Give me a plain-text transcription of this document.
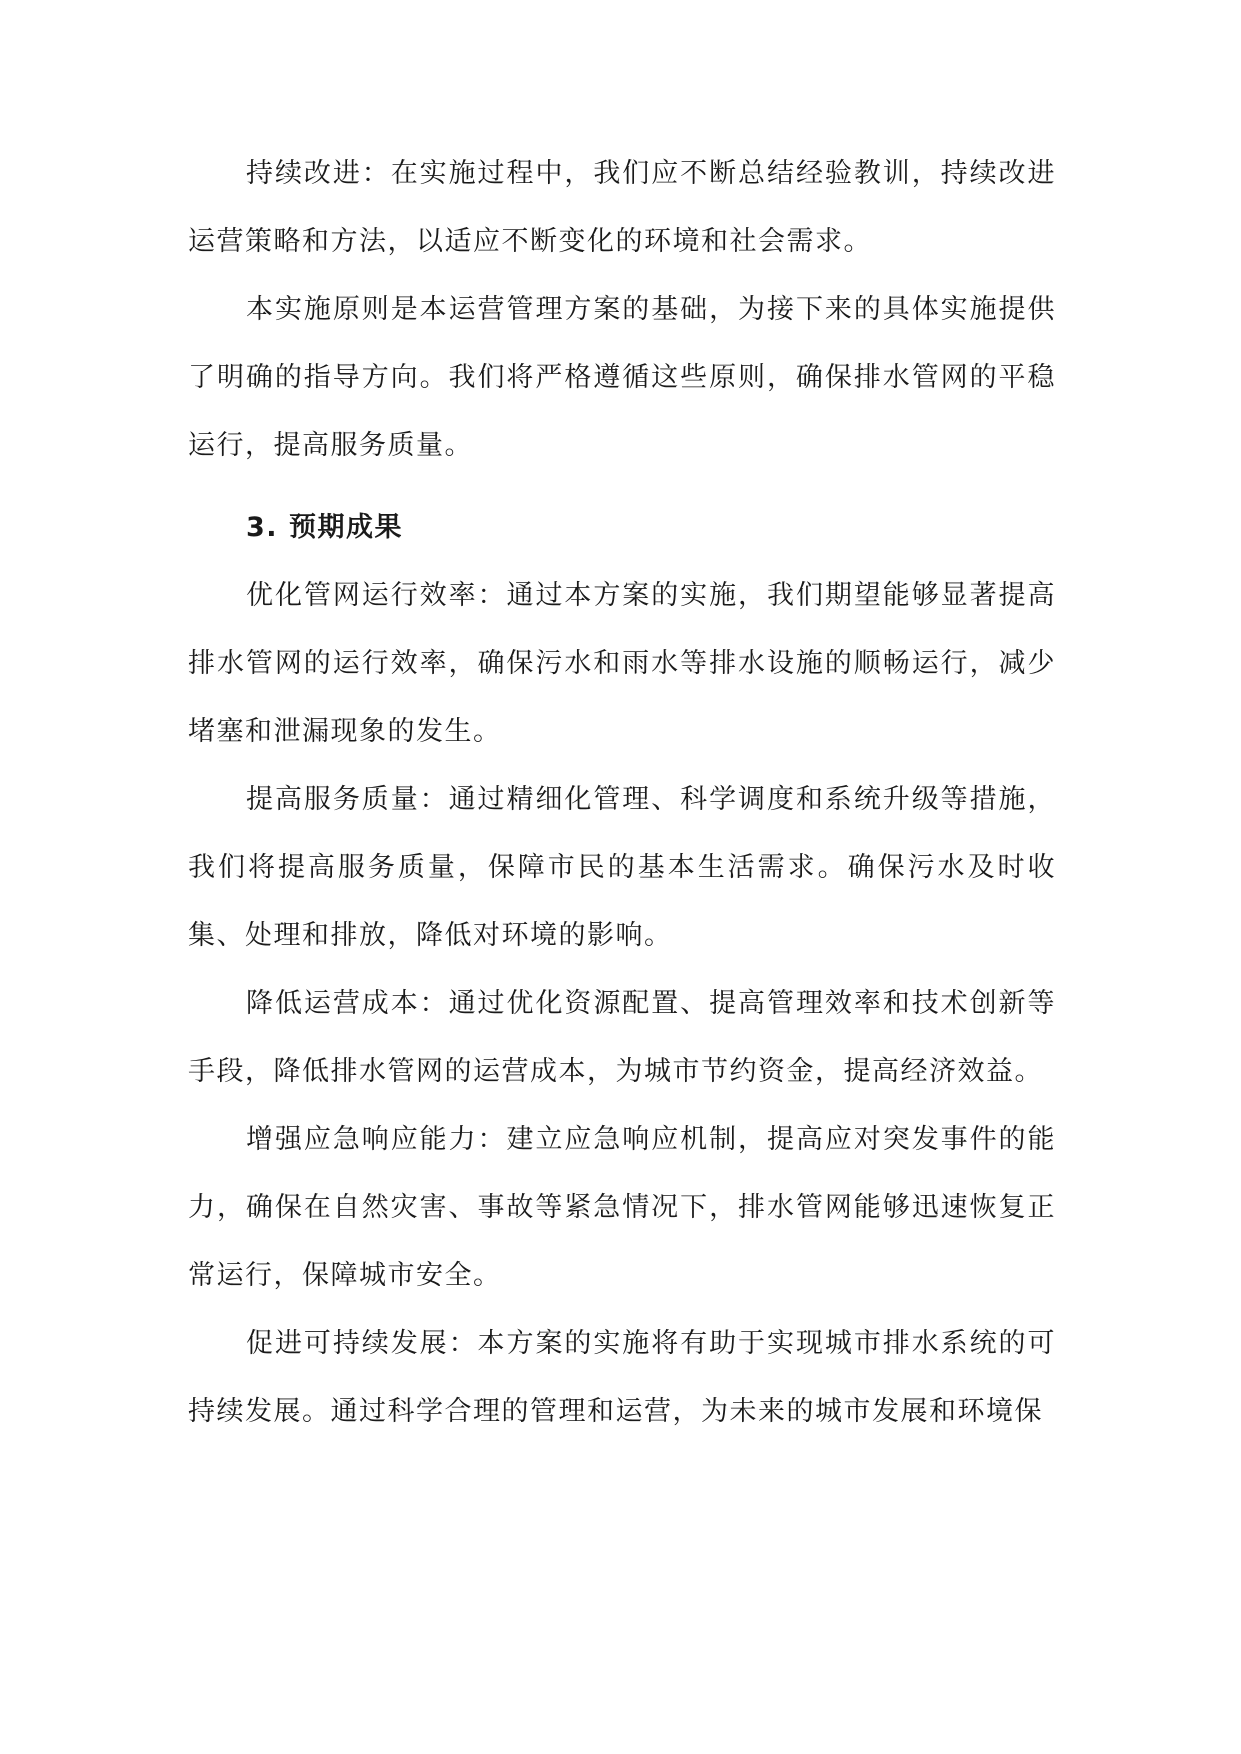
持续改进：在实施过程中，我们应不断总结经验教训，持续改进运营策略和方法，以适应不断变化的环境和社会需求。

本实施原则是本运营管理方案的基础，为接下来的具体实施提供了明确的指导方向。我们将严格遵循这些原则，确保排水管网的平稳运行，提高服务质量。

3. 预期成果

优化管网运行效率：通过本方案的实施，我们期望能够显著提高排水管网的运行效率，确保污水和雨水等排水设施的顺畅运行，减少堵塞和泄漏现象的发生。

提高服务质量：通过精细化管理、科学调度和系统升级等措施，我们将提高服务质量，保障市民的基本生活需求。确保污水及时收集、处理和排放，降低对环境的影响。

降低运营成本：通过优化资源配置、提高管理效率和技术创新等手段，降低排水管网的运营成本，为城市节约资金，提高经济效益。

增强应急响应能力：建立应急响应机制，提高应对突发事件的能力，确保在自然灾害、事故等紧急情况下，排水管网能够迅速恢复正常运行，保障城市安全。

促进可持续发展：本方案的实施将有助于实现城市排水系统的可持续发展。通过科学合理的管理和运营，为未来的城市发展和环境保
